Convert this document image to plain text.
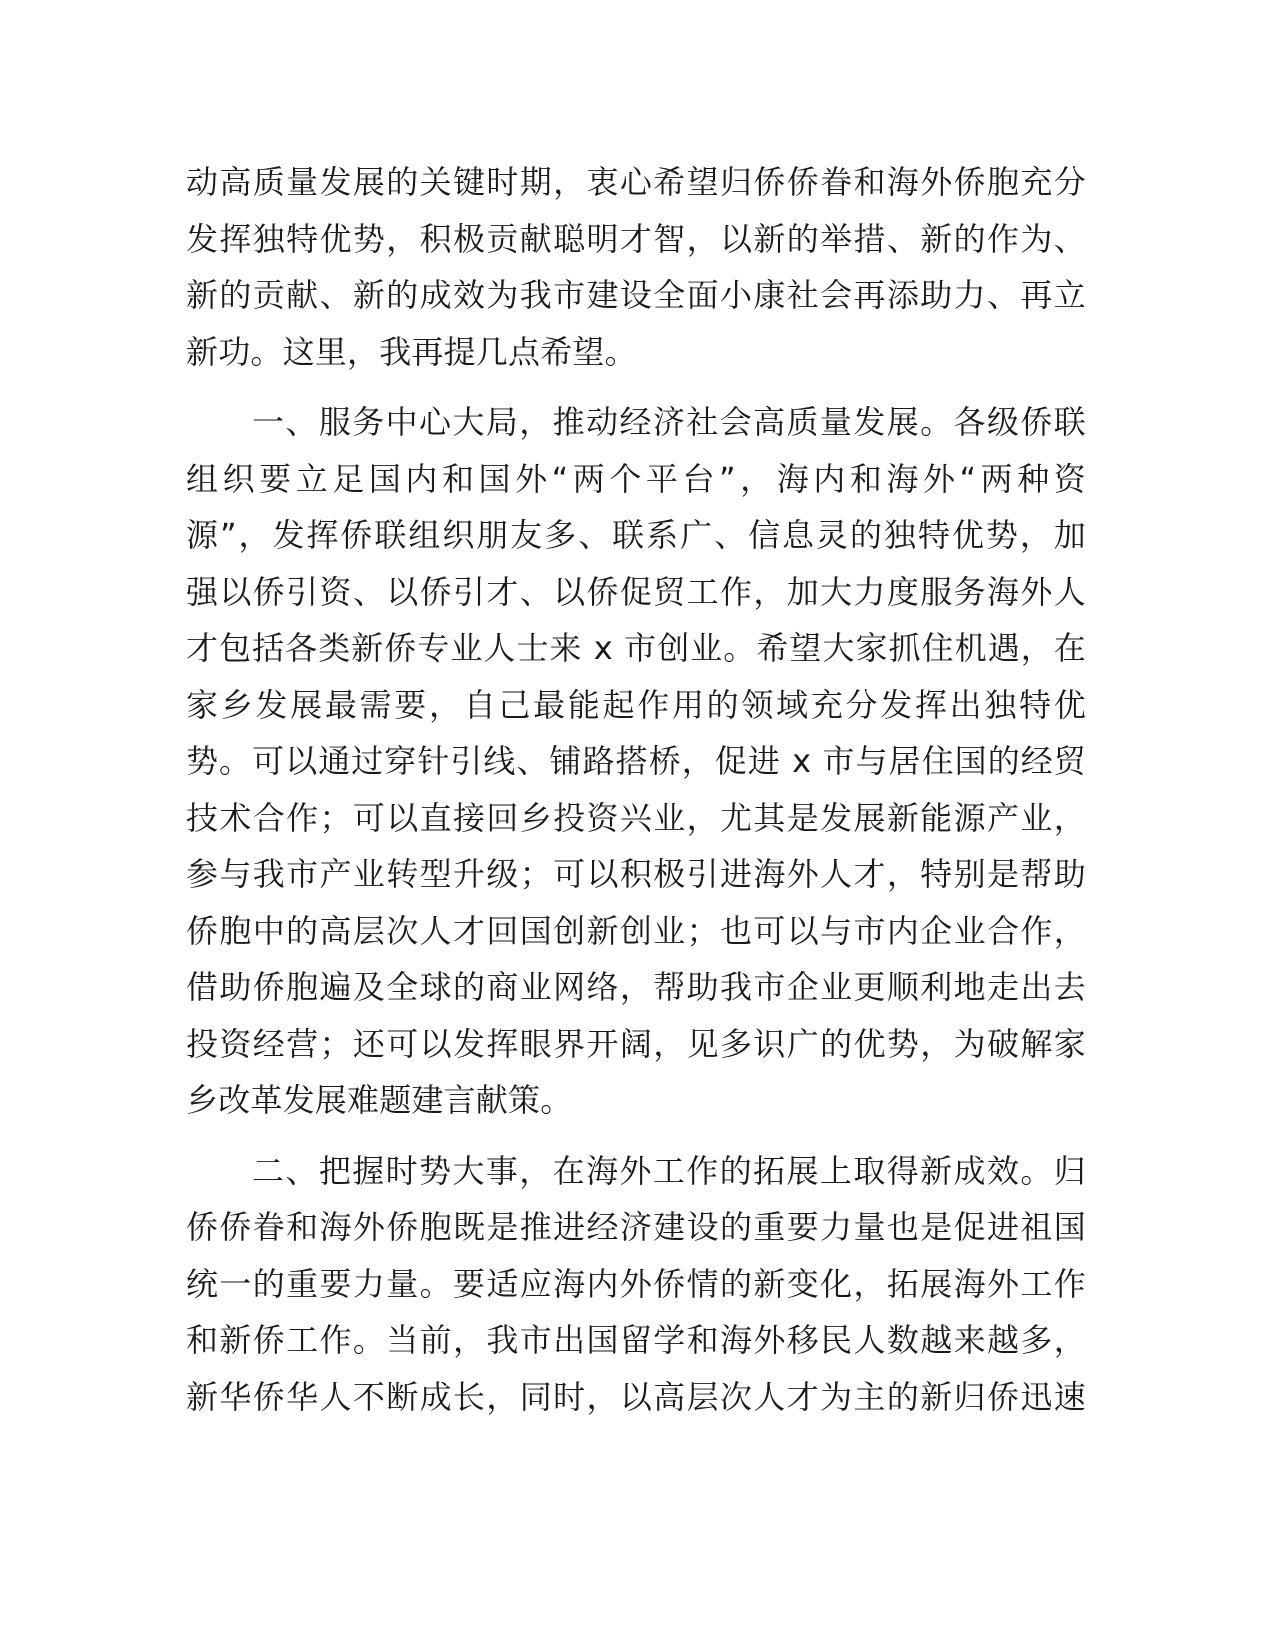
动高质量发展的关键时期，衷心希望归侨侨眷和海外侨胞充分
发挥独特优势，积极贡献聪明才智，以新的举措、新的作为、
新的贡献、新的成效为我市建设全面小康社会再添助力、再立
新功。这里，我再提几点希望。
一、服务中心大局，推动经济社会高质量发展。各级侨联
组织要立足国内和国外“两个平台”，海内和海外“两种资
源”，发挥侨联组织朋友多、联系广、信息灵的独特优势，加
强以侨引资、以侨引才、以侨促贸工作，加大力度服务海外人
才包括各类新侨专业人士来 x 市创业。希望大家抓住机遇，在
家乡发展最需要，自己最能起作用的领域充分发挥出独特优
势。可以通过穿针引线、铺路搭桥，促进 x 市与居住国的经贸
技术合作；可以直接回乡投资兴业，尤其是发展新能源产业，
参与我市产业转型升级；可以积极引进海外人才，特别是帮助
侨胞中的高层次人才回国创新创业；也可以与市内企业合作，
借助侨胞遍及全球的商业网络，帮助我市企业更顺利地走出去
投资经营；还可以发挥眼界开阔，见多识广的优势，为破解家
乡改革发展难题建言献策。
二、把握时势大事，在海外工作的拓展上取得新成效。归
侨侨眷和海外侨胞既是推进经济建设的重要力量也是促进祖国
统一的重要力量。要适应海内外侨情的新变化，拓展海外工作
和新侨工作。当前，我市出国留学和海外移民人数越来越多，
新华侨华人不断成长，同时，以高层次人才为主的新归侨迅速
